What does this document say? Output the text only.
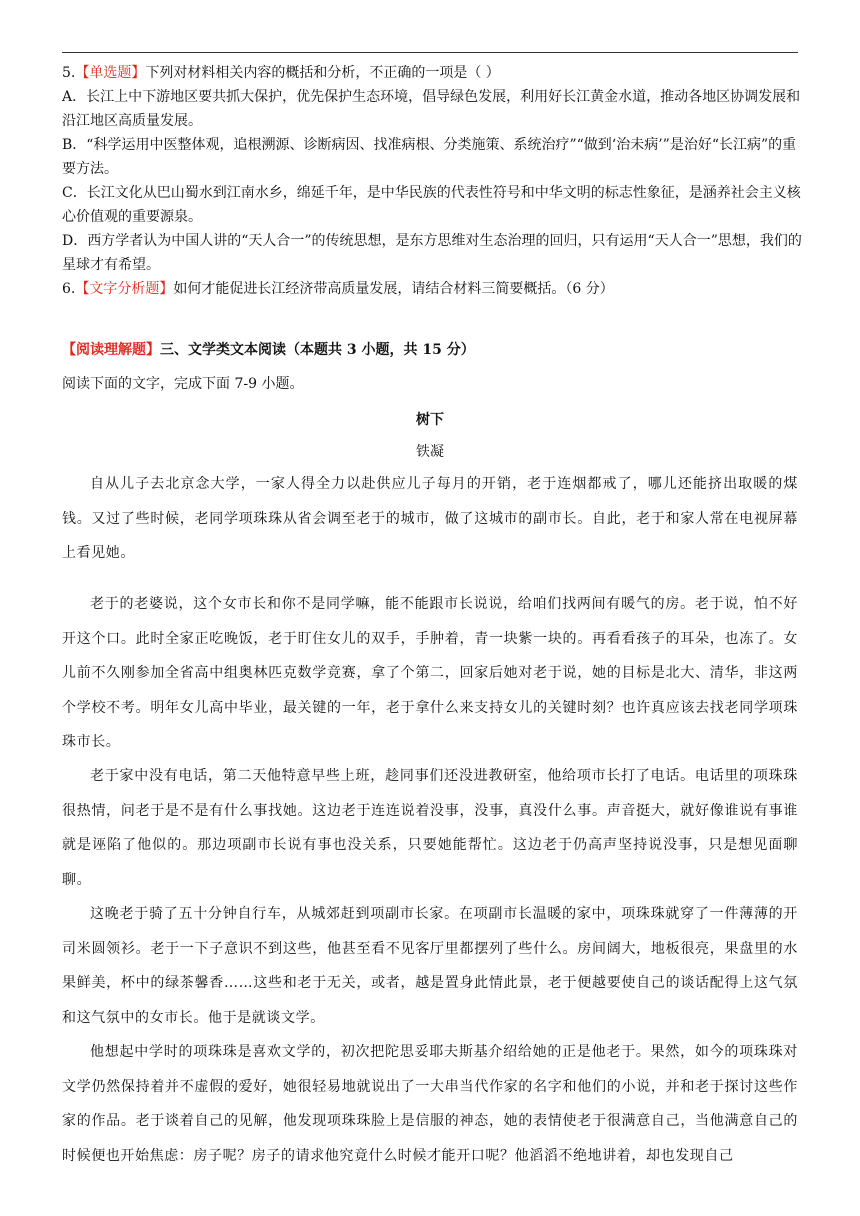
5.【单选题】下列对材料相关内容的概括和分析，不正确的一项是（ ）
A．长江上中下游地区要共抓大保护，优先保护生态环境，倡导绿色发展，利用好长江黄金水道，推动各地区协调发展和沿江地区高质量发展。
B．“科学运用中医整体观，追根溯源、诊断病因、找准病根、分类施策、系统治疗”“做到‘治未病’”是治好“长江病”的重要方法。
C．长江文化从巴山蜀水到江南水乡，绵延千年，是中华民族的代表性符号和中华文明的标志性象征，是涵养社会主义核心价值观的重要源泉。
D．西方学者认为中国人讲的“天人合一”的传统思想，是东方思维对生态治理的回归，只有运用“天人合一”思想，我们的星球才有希望。
6.【文字分析题】如何才能促进长江经济带高质量发展，请结合材料三简要概括。（6 分）
【阅读理解题】三、文学类文本阅读（本题共 3 小题，共 15 分）
阅读下面的文字，完成下面 7-9 小题。
树下
铁凝
自从儿子去北京念大学，一家人得全力以赴供应儿子每月的开销，老于连烟都戒了，哪儿还能挤出取暖的煤钱。又过了些时候，老同学项珠珠从省会调至老于的城市，做了这城市的副市长。自此，老于和家人常在电视屏幕上看见她。
老于的老婆说，这个女市长和你不是同学嘛，能不能跟市长说说，给咱们找两间有暖气的房。老于说，怕不好开这个口。此时全家正吃晚饭，老于盯住女儿的双手，手肿着，青一块紫一块的。再看看孩子的耳朵，也冻了。女儿前不久刚参加全省高中组奥林匹克数学竞赛，拿了个第二，回家后她对老于说，她的目标是北大、清华，非这两个学校不考。明年女儿高中毕业，最关键的一年，老于拿什么来支持女儿的关键时刻？也许真应该去找老同学项珠珠市长。
老于家中没有电话，第二天他特意早些上班，趁同事们还没进教研室，他给项市长打了电话。电话里的项珠珠很热情，问老于是不是有什么事找她。这边老于连连说着没事，没事，真没什么事。声音挺大，就好像谁说有事谁就是诬陷了他似的。那边项副市长说有事也没关系，只要她能帮忙。这边老于仍高声坚持说没事，只是想见面聊聊。
这晚老于骑了五十分钟自行车，从城郊赶到项副市长家。在项副市长温暖的家中，项珠珠就穿了一件薄薄的开司米圆领衫。老于一下子意识不到这些，他甚至看不见客厅里都摆列了些什么。房间阔大，地板很亮，果盘里的水果鲜美，杯中的绿茶馨香……这些和老于无关，或者，越是置身此情此景，老于便越要使自己的谈话配得上这气氛和这气氛中的女市长。他于是就谈文学。
他想起中学时的项珠珠是喜欢文学的，初次把陀思妥耶夫斯基介绍给她的正是他老于。果然，如今的项珠珠对文学仍然保持着并不虚假的爱好，她很轻易地就说出了一大串当代作家的名字和他们的小说，并和老于探讨这些作家的作品。老于谈着自己的见解，他发现项珠珠脸上是信服的神态，她的表情使老于很满意自己，当他满意自己的时候便也开始焦虑：房子呢？房子的请求他究竟什么时候才能开口呢？他滔滔不绝地讲着，却也发现自己
